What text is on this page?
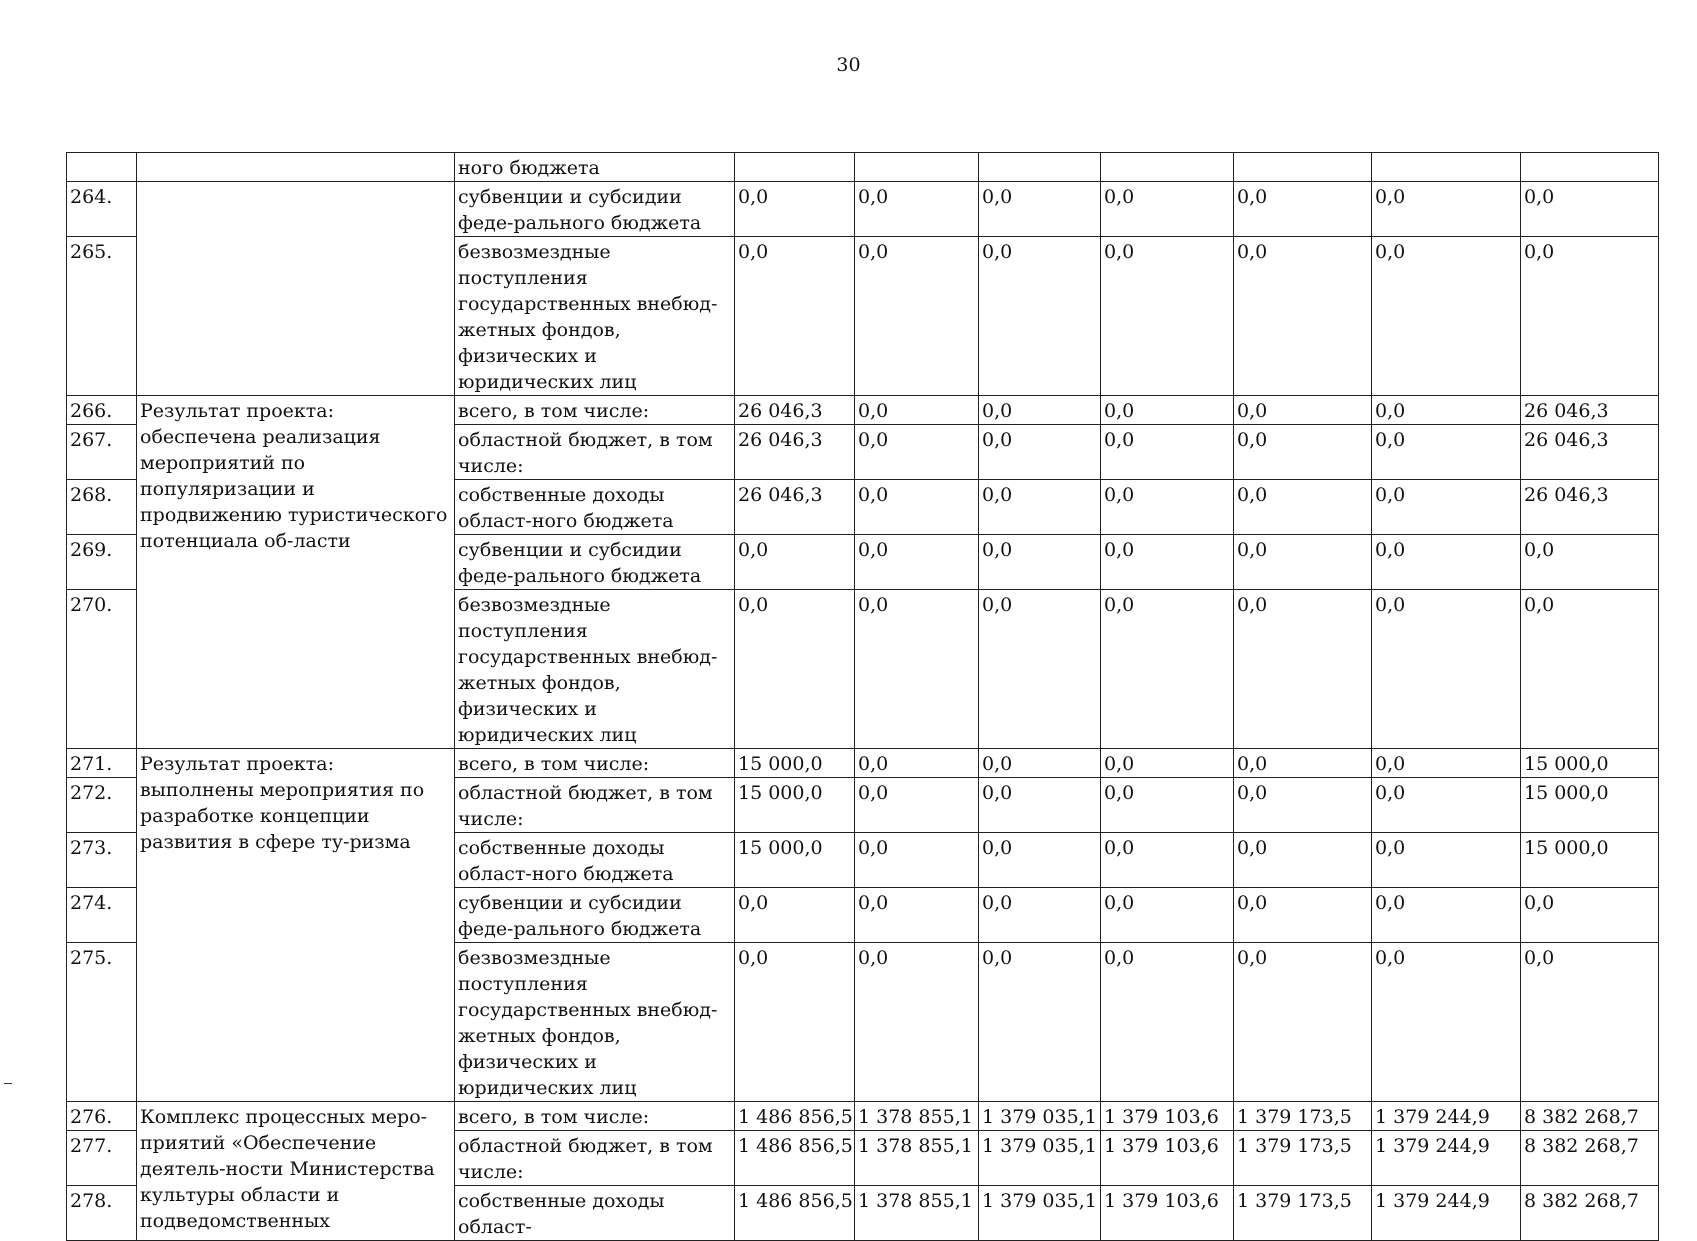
30
		ного бюджета							
264.		субвенции и субсидии феде-ральногo бюджета	0,0	0,0	0,0	0,0	0,0	0,0	0,0
265.		безвозмездные поступления государственных внебюд-жетных фондов, физических и юридических лиц	0,0	0,0	0,0	0,0	0,0	0,0	0,0
266.	Результат проекта: обеспечена реализация мероприятий по популяризации и продвижению туристического потенциала об-ласти	всего, в том числе:	26 046,3	0,0	0,0	0,0	0,0	0,0	26 046,3
267.		областной бюджет, в том числе:	26 046,3	0,0	0,0	0,0	0,0	0,0	26 046,3
268.		собственные доходы област-ного бюджета	26 046,3	0,0	0,0	0,0	0,0	0,0	26 046,3
269.		субвенции и субсидии феде-рального бюджета	0,0	0,0	0,0	0,0	0,0	0,0	0,0
270.		безвозмездные поступления государственных внебюд-жетных фондов, физических и юридических лиц	0,0	0,0	0,0	0,0	0,0	0,0	0,0
271.	Результат проекта: выполнены мероприятия по разработке концепции развития в сфере ту-ризма	всего, в том числе:	15 000,0	0,0	0,0	0,0	0,0	0,0	15 000,0
272.		областной бюджет, в том числе:	15 000,0	0,0	0,0	0,0	0,0	0,0	15 000,0
273.		собственные доходы област-ного бюджета	15 000,0	0,0	0,0	0,0	0,0	0,0	15 000,0
274.		субвенции и субсидии феде-рального бюджета	0,0	0,0	0,0	0,0	0,0	0,0	0,0
275.		безвозмездные поступления государственных внебюд-жетных фондов, физических и юридических лиц	0,0	0,0	0,0	0,0	0,0	0,0	0,0
276.	Комплекс процессных меро-приятий «Обеспечение деятель-ности Министерства культуры области и подведомственных	всего, в том числе:	1 486 856,5	1 378 855,1	1 379 035,1	1 379 103,6	1 379 173,5	1 379 244,9	8 382 268,7
277.		областной бюджет, в том числе:	1 486 856,5	1 378 855,1	1 379 035,1	1 379 103,6	1 379 173,5	1 379 244,9	8 382 268,7
278.		собственные доходы област-	1 486 856,5	1 378 855,1	1 379 035,1	1 379 103,6	1 379 173,5	1 379 244,9	8 382 268,7
